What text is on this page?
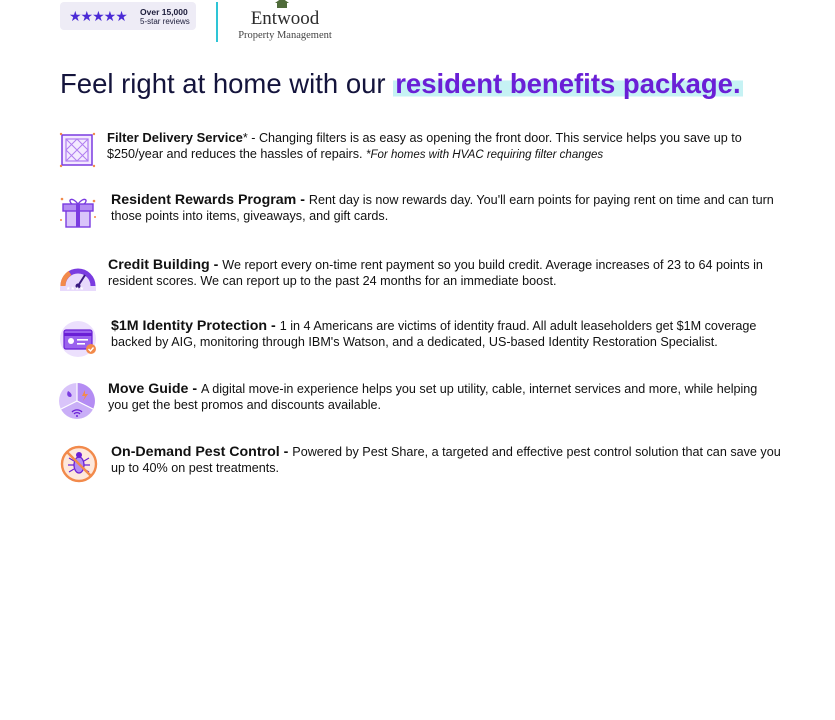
★★★★★ Over 15,000
5-star reviews	Entwood
Property Management
Feel right at home with our resident benefits package.
Filter Delivery Service* - Changing filters is as easy as opening the front door. This service helps you save up to $250/year and reduces the hassles of repairs. *For homes with HVAC requiring filter changes
Resident Rewards Program - Rent day is now rewards day. You'll earn points for paying rent on time and can turn those points into items, giveaways, and gift cards.
★★★★
Credit Building - We report every on-time rent payment so you build credit. Average increases of 23 to 64 points in resident scores. We can report up to the past 24 months for an immediate boost.
$1M Identity Protection - 1 in 4 Americans are victims of identity fraud. All adult leaseholders get $1M coverage backed by AIG, monitoring through IBM's Watson, and a dedicated, US-based Identity Restoration Specialist.
Move Guide - A digital move-in experience helps you set up utility, cable, internet services and more, while helping you get the best promos and discounts available.
On-Demand Pest Control - Powered by Pest Share, a targeted and effective pest control solution that can save you up to 40% on pest treatments.
